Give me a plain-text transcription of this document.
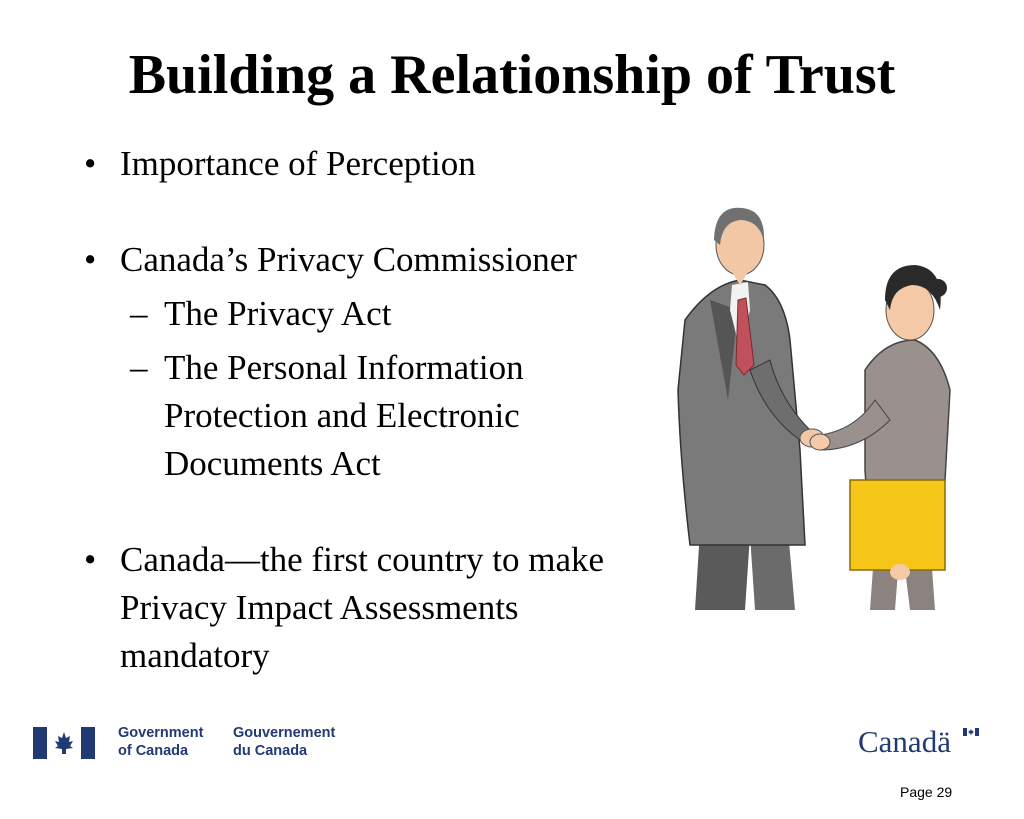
Building a Relationship of Trust
• Importance of Perception
• Canada’s Privacy Commissioner
– The Privacy Act
– The Personal Information
Protection and Electronic
Documents Act
• Canada—the first country to make
Privacy Impact Assessments
mandatory
Government
of Canada
Gouvernement
du Canada	Canadä
Page 29
